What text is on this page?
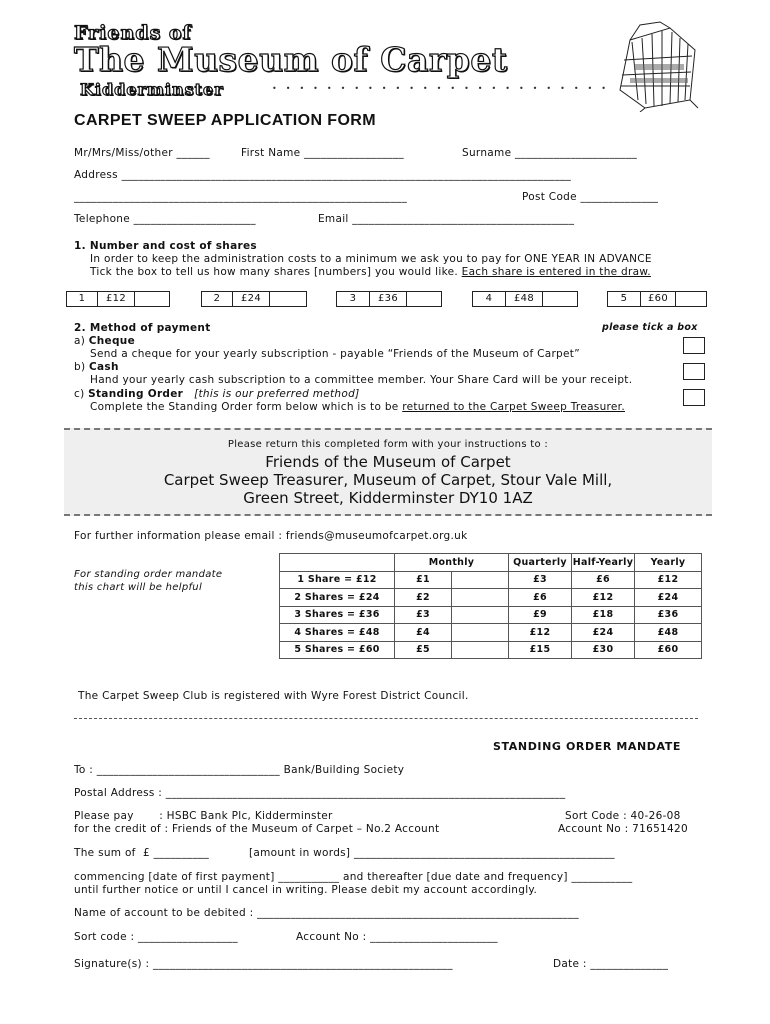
Friends of
The Museum of Carpet
Kidderminster	•••••••••••••••••••••••••
CARPET SWEEP APPLICATION FORM
Mr/Mrs/Miss/other ______	First Name __________________	Surname ______________________
Address _________________________________________________________________________________
____________________________________________________________	Post Code ______________
Telephone ______________________	Email ________________________________________
1. Number and cost of shares
In order to keep the administration costs to a minimum we ask you to pay for ONE YEAR IN ADVANCE
Tick the box to tell us how many shares [numbers] you would like. Each share is entered in the draw.
1	£12	2	£24	3	£36	4	£48	5	£60
2. Method of payment	please tick a box
a) Cheque
Send a cheque for your yearly subscription - payable “Friends of the Museum of Carpet”
b) Cash
Hand your yearly cash subscription to a committee member. Your Share Card will be your receipt.
c) Standing Order [this is our preferred method]
Complete the Standing Order form below which is to be returned to the Carpet Sweep Treasurer.
Please return this completed form with your instructions to :
Friends of the Museum of Carpet
Carpet Sweep Treasurer, Museum of Carpet, Stour Vale Mill,
Green Street, Kidderminster DY10 1AZ
For further information please email : friends@museumofcarpet.org.uk
For standing order mandate
this chart will be helpful
	Monthly		Quarterly	Half-Yearly	Yearly
1 Share = £12	£1		£3	£6	£12
2 Shares = £24	£2		£6	£12	£24
3 Shares = £36	£3		£9	£18	£36
4 Shares = £48	£4		£12	£24	£48
5 Shares = £60	£5		£15	£30	£60
The Carpet Sweep Club is registered with Wyre Forest District Council.
STANDING ORDER MANDATE
To : _________________________________ Bank/Building Society
Postal Address : ________________________________________________________________________
Please pay : HSBC Bank Plc, Kidderminster
for the credit of : Friends of the Museum of Carpet – No.2 Account
Sort Code : 40-26-08
Account No : 71651420
The sum of £ __________	[amount in words] _______________________________________________
commencing [date of first payment] ___________ and thereafter [due date and frequency] ___________
until further notice or until I cancel in writing. Please debit my account accordingly.
Name of account to be debited : __________________________________________________________
Sort code : __________________	Account No : _______________________
Signature(s) : ______________________________________________________	Date : ______________
